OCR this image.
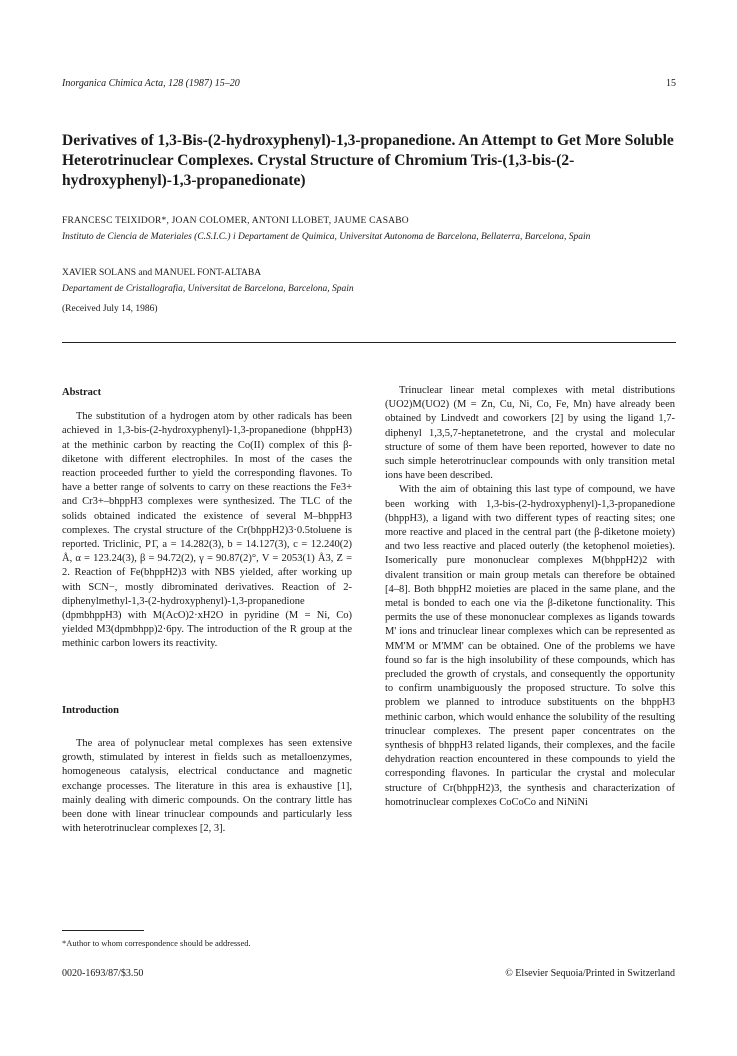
Inorganica Chimica Acta, 128 (1987) 15–20	15
Derivatives of 1,3-Bis-(2-hydroxyphenyl)-1,3-propanedione. An Attempt to Get More Soluble Heterotrinuclear Complexes. Crystal Structure of Chromium Tris-(1,3-bis-(2-hydroxyphenyl)-1,3-propanedionate)
FRANCESC TEIXIDOR*, JOAN COLOMER, ANTONI LLOBET, JAUME CASABO
Instituto de Ciencia de Materiales (C.S.I.C.) i Departament de Quimica, Universitat Autonoma de Barcelona, Bellaterra, Barcelona, Spain
XAVIER SOLANS and MANUEL FONT-ALTABA
Departament de Cristallografia, Universitat de Barcelona, Barcelona, Spain
(Received July 14, 1986)
Abstract

The substitution of a hydrogen atom by other radicals has been achieved in 1,3-bis-(2-hydroxyphenyl)-1,3-propanedione (bhppH3) at the methinic carbon by reacting the Co(II) complex of this β-diketone with different electrophiles. In most of the cases the reaction proceeded further to yield the corresponding flavones. To have a better range of solvents to carry on these reactions the Fe3+ and Cr3+–bhppH3 complexes were synthesized. The TLC of the solids obtained indicated the existence of several M–bhppH3 complexes. The crystal structure of the Cr(bhppH2)3·0.5toluene is reported. Triclinic, P1̄, a = 14.282(3), b = 14.127(3), c = 12.240(2) Å, α = 123.24(3), β = 94.72(2), γ = 90.87(2)°, V = 2053(1) Å3, Z = 2. Reaction of Fe(bhppH2)3 with NBS yielded, after working up with SCN−, mostly dibrominated derivatives. Reaction of 2-diphenylmethyl-1,3-(2-hydroxyphenyl)-1,3-propanedione (dpmbhppH3) with M(AcO)2·xH2O in pyridine (M = Ni, Co) yielded M3(dpmbhpp)2·6py. The introduction of the R group at the methinic carbon lowers its reactivity.

Introduction

The area of polynuclear metal complexes has seen extensive growth, stimulated by interest in fields such as metalloenzymes, homogeneous catalysis, electrical conductance and magnetic exchange processes. The literature in this area is exhaustive [1], mainly dealing with dimeric compounds. On the contrary little has been done with linear trinuclear compounds and particularly less with heterotrinuclear complexes [2, 3].

Trinuclear linear metal complexes with metal distributions (UO2)M(UO2) (M = Zn, Cu, Ni, Co, Fe, Mn) have already been obtained by Lindvedt and coworkers [2] by using the ligand 1,7-diphenyl 1,3,5,7-heptanetetrone, and the crystal and molecular structure of some of them have been reported, however to date no such simple heterotrinuclear compounds with only transition metal ions have been described.

With the aim of obtaining this last type of compound, we have been working with 1,3-bis-(2-hydroxyphenyl)-1,3-propanedione (bhppH3), a ligand with two different types of reacting sites; one more reactive and placed in the central part (the β-diketone moiety) and two less reactive and placed outerly (the ketophenol moieties). Isomerically pure mononuclear complexes M(bhppH2)2 with divalent transition or main group metals can therefore be obtained [4–8]. Both bhppH2 moieties are placed in the same plane, and the metal is bonded to each one via the β-diketone functionality. This permits the use of these mononuclear complexes as ligands towards M' ions and trinuclear linear complexes which can be represented as MM'M or M'MM' can be obtained. One of the problems we have found so far is the high insolubility of these compounds, which has precluded the growth of crystals, and consequently the opportunity to confirm unambiguously the proposed structure. To solve this problem we planned to introduce substituents on the bhppH3 methinic carbon, which would enhance the solubility of the resulting trinuclear complexes. The present paper concentrates on the synthesis of bhppH3 related ligands, their complexes, and the facile dehydration reaction encountered in these compounds to yield the corresponding flavones. In particular the crystal and molecular structure of Cr(bhppH2)3, the synthesis and characterization of homotrinuclear complexes CoCoCo and NiNiNi

*Author to whom correspondence should be addressed.
0020-1693/87/$3.50	© Elsevier Sequoia/Printed in Switzerland
